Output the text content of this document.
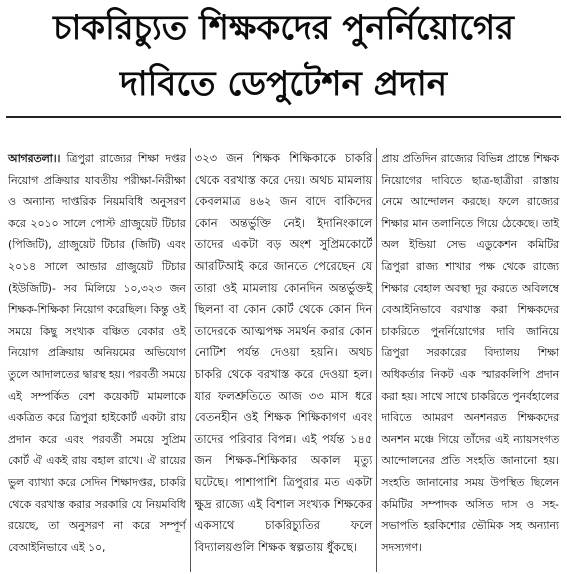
চাকরিচ্যুত শিক্ষকদের পুনর্নিয়োগের
দাবিতে ডেপুটেশন প্রদান
আগরতলা।। ত্রিপুরা রাজ্যের শিক্ষা দপ্তর নিয়োগ প্রক্রিয়ার যাবতীয় পরীক্ষা-নিরীক্ষা ও অন্যান্য দাপ্তরিক নিয়মবিধি অনুসরণ করে ২০১০ সালে পোস্ট গ্রাজুয়েট টিচার (পিজিটি), গ্রাজুয়েট টিচার (জিটি) এবং ২০১৪ সালে আন্ডার গ্রাজুয়েট টিচার (ইউজিটি)- সব মিলিয়ে ১০,৩২৩ জন শিক্ষক-শিক্ষিকা নিয়োগ করেছিল। কিন্তু ওই সময়ে কিছু সংখ্যক বঞ্চিত বেকার ওই নিয়োগ প্রক্রিয়ায় অনিয়মের অভিযোগ তুলে আদালতের দ্বারস্থ হয়। পরবর্তী সময়ে এই সম্পর্কিত বেশ কয়েকটি মামলাকে একত্রিত করে ত্রিপুরা হাইকোর্ট একটা রায় প্রদান করে এবং পরবর্তী সময়ে সুপ্রিম কোর্ট ঐ একই রায় বহাল রাখে। ঐ রায়ের ভুল ব্যাখ্যা করে সেদিন শিক্ষাদপ্তর, চাকরি থেকে বরখাস্ত করার সরকারি যে নিয়মবিধি রয়েছে, তা অনুসরণ না করে সম্পূর্ণ বেআইনিভাবে এই ১০,
৩২৩ জন শিক্ষক শিক্ষিকাকে চাকরি থেকে বরখাস্ত করে দেয়। অথচ মামলায় কেবলমাত্র ৪৬২ জন বাদে বাকিদের কোন অন্তর্ভুক্তি নেই। ইদানিংকালে তাদের একটা বড় অংশ সুপ্রিমকোর্টে আরটিআই করে জানতে পেরেছেন যে তারা ওই মামলায় কোনদিন অন্তর্ভুক্তই ছিলনা বা কোন কোর্ট থেকে কোন দিন তাদেরকে আত্মপক্ষ সমর্থন করার কোন নোটিশ পর্যন্ত দেওয়া হয়নি। অথচ চাকরি থেকে বরখাস্ত করে দেওয়া হল। যার ফলশ্রুতিতে আজ ৩৩ মাস ধরে বেতনহীন ওই শিক্ষক শিক্ষিকাগণ এবং তাদের পরিবার বিপন্ন। এই পর্যন্ত ১৪৫ জন শিক্ষক-শিক্ষিকার অকাল মৃত্যু ঘটেছে। পাশাপাশি ত্রিপুরার মত একটা ক্ষুদ্র রাজ্যে এই বিশাল সংখ্যক শিক্ষকের একসাথে চাকরিচ্যুতির ফলে বিদ্যালয়গুলি শিক্ষক স্বল্পতায় ধুঁকছে।
প্রায় প্রতিদিন রাজ্যের বিভিন্ন প্রান্তে শিক্ষক নিয়োগের দাবিতে ছাত্র-ছাত্রীরা রাস্তায় নেমে আন্দোলন করছে। ফলে রাজ্যের শিক্ষার মান তলানিতে গিয়ে ঠেকেছে। তাই অল ইন্ডিয়া সেভ এডুকেশন কমিটির ত্রিপুরা রাজ্য শাখার পক্ষ থেকে রাজ্যে শিক্ষার বেহাল অবস্থা দূর করতে অবিলম্বে বেআইনিভাবে বরখাস্ত করা শিক্ষকদের চাকরিতে পুনর্নিয়োগের দাবি জানিয়ে ত্রিপুরা সরকারের বিদ্যালয় শিক্ষা অধিকর্তার নিকট এক স্মারকলিপি প্রদান করা হয়। সাথে সাথে চাকরিতে পুনর্বহালের দাবিতে আমরণ অনশনরত শিক্ষকদের অনশন মঞ্চে গিয়ে তাঁদের এই ন্যায়সংগত আন্দোলনের প্রতি সংহতি জানানো হয়। সংহতি জানানোর সময় উপস্থিত ছিলেন কমিটির সম্পাদক অসিত দাস ও সহ-সভাপতি হরকিশোর ভৌমিক সহ অন্যান্য সদস্যগণ।
